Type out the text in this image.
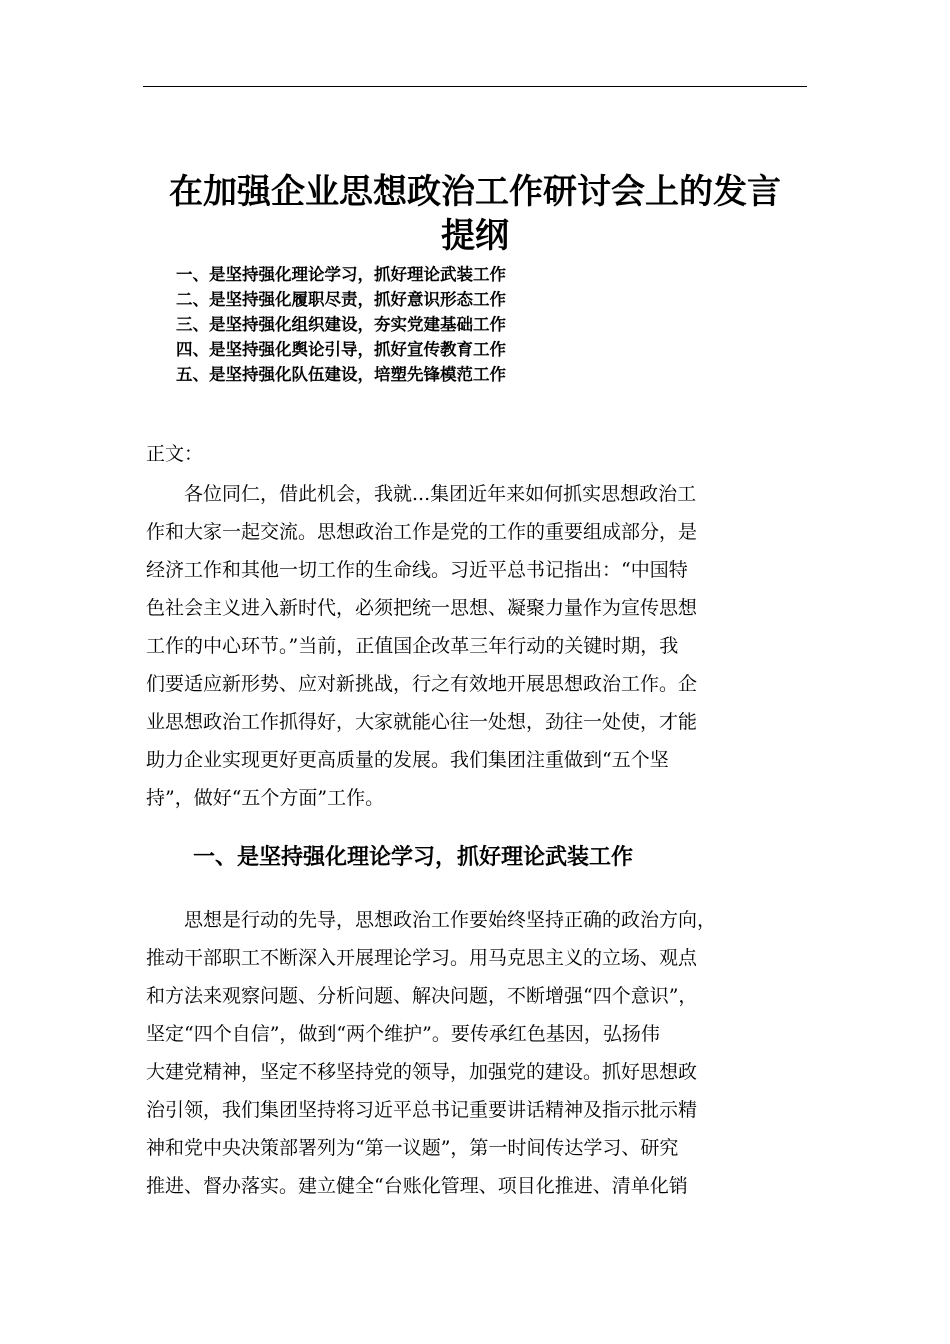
在加强企业思想政治工作研讨会上的发言
提纲
一、是坚持强化理论学习，抓好理论武装工作
二、是坚持强化履职尽责，抓好意识形态工作
三、是坚持强化组织建设，夯实党建基础工作
四、是坚持强化舆论引导，抓好宣传教育工作
五、是坚持强化队伍建设，培塑先锋模范工作

正文：

　　各位同仁，借此机会，我就...集团近年来如何抓实思想政治工

作和大家一起交流。思想政治工作是党的工作的重要组成部分，是

经济工作和其他一切工作的生命线。习近平总书记指出：“中国特

色社会主义进入新时代，必须把统一思想、凝聚力量作为宣传思想

工作的中心环节。”当前，正值国企改革三年行动的关键时期，我

们要适应新形势、应对新挑战，行之有效地开展思想政治工作。企

业思想政治工作抓得好，大家就能心往一处想，劲往一处使，才能

助力企业实现更好更高质量的发展。我们集团注重做到“五个坚

持”，做好“五个方面”工作。

一、是坚持强化理论学习，抓好理论武装工作

　　思想是行动的先导，思想政治工作要始终坚持正确的政治方向，

推动干部职工不断深入开展理论学习。用马克思主义的立场、观点

和方法来观察问题、分析问题、解决问题，不断增强“四个意识”，

坚定“四个自信”，做到“两个维护”。要传承红色基因，弘扬伟

大建党精神，坚定不移坚持党的领导，加强党的建设。抓好思想政

治引领，我们集团坚持将习近平总书记重要讲话精神及指示批示精

神和党中央决策部署列为“第一议题”，第一时间传达学习、研究

推进、督办落实。建立健全“台账化管理、项目化推进、清单化销
